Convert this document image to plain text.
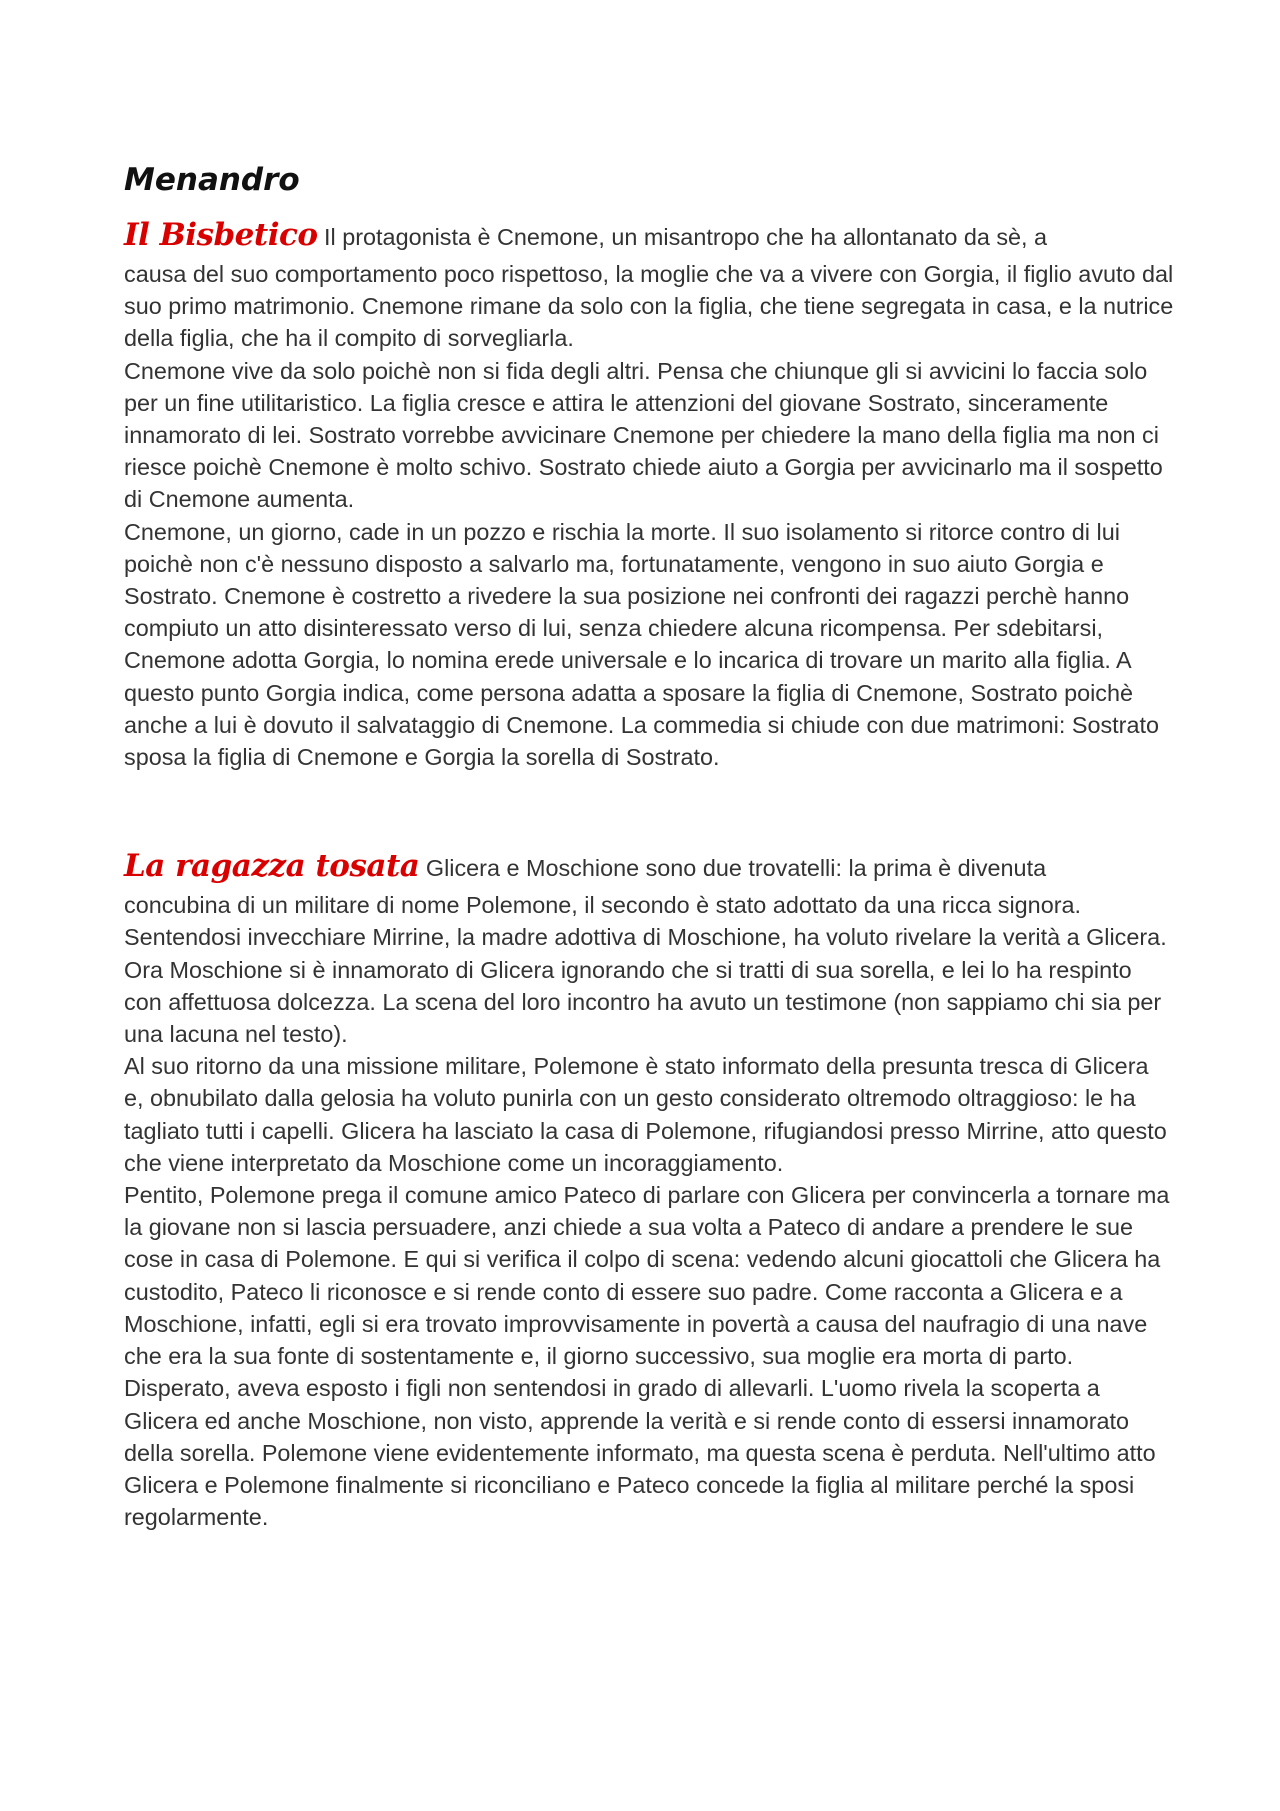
Menandro

Il Bisbetico Il protagonista è Cnemone, un misantropo che ha allontanato da sè, a

causa del suo comportamento poco rispettoso, la moglie che va a vivere con Gorgia, il figlio avuto dal suo primo matrimonio. Cnemone rimane da solo con la figlia, che tiene segregata in casa, e la nutrice della figlia, che ha il compito di sorvegliarla.

Cnemone vive da solo poichè non si fida degli altri. Pensa che chiunque gli si avvicini lo faccia solo per un fine utilitaristico. La figlia cresce e attira le attenzioni del giovane Sostrato, sinceramente innamorato di lei. Sostrato vorrebbe avvicinare Cnemone per chiedere la mano della figlia ma non ci riesce poichè Cnemone è molto schivo. Sostrato chiede aiuto a Gorgia per avvicinarlo ma il sospetto di Cnemone aumenta.

Cnemone, un giorno, cade in un pozzo e rischia la morte. Il suo isolamento si ritorce contro di lui poichè non c'è nessuno disposto a salvarlo ma, fortunatamente, vengono in suo aiuto Gorgia e Sostrato. Cnemone è costretto a rivedere la sua posizione nei confronti dei ragazzi perchè hanno compiuto un atto disinteressato verso di lui, senza chiedere alcuna ricompensa. Per sdebitarsi, Cnemone adotta Gorgia, lo nomina erede universale e lo incarica di trovare un marito alla figlia. A questo punto Gorgia indica, come persona adatta a sposare la figlia di Cnemone, Sostrato poichè anche a lui è dovuto il salvataggio di Cnemone. La commedia si chiude con due matrimoni: Sostrato sposa la figlia di Cnemone e Gorgia la sorella di Sostrato.

La ragazza tosata Glicera e Moschione sono due trovatelli: la prima è divenuta

concubina di un militare di nome Polemone, il secondo è stato adottato da una ricca signora. Sentendosi invecchiare Mirrine, la madre adottiva di Moschione, ha voluto rivelare la verità a Glicera. Ora Moschione si è innamorato di Glicera ignorando che si tratti di sua sorella, e lei lo ha respinto con affettuosa dolcezza. La scena del loro incontro ha avuto un testimone (non sappiamo chi sia per una lacuna nel testo).

Al suo ritorno da una missione militare, Polemone è stato informato della presunta tresca di Glicera e, obnubilato dalla gelosia ha voluto punirla con un gesto considerato oltremodo oltraggioso: le ha tagliato tutti i capelli. Glicera ha lasciato la casa di Polemone, rifugiandosi presso Mirrine, atto questo che viene interpretato da Moschione come un incoraggiamento.

Pentito, Polemone prega il comune amico Pateco di parlare con Glicera per convincerla a tornare ma la giovane non si lascia persuadere, anzi chiede a sua volta a Pateco di andare a prendere le sue cose in casa di Polemone. E qui si verifica il colpo di scena: vedendo alcuni giocattoli che Glicera ha custodito, Pateco li riconosce e si rende conto di essere suo padre. Come racconta a Glicera e a Moschione, infatti, egli si era trovato improvvisamente in povertà a causa del naufragio di una nave che era la sua fonte di sostentamente e, il giorno successivo, sua moglie era morta di parto.

Disperato, aveva esposto i figli non sentendosi in grado di allevarli. L'uomo rivela la scoperta a Glicera ed anche Moschione, non visto, apprende la verità e si rende conto di essersi innamorato della sorella. Polemone viene evidentemente informato, ma questa scena è perduta. Nell'ultimo atto Glicera e Polemone finalmente si riconciliano e Pateco concede la figlia al militare perché la sposi regolarmente.
